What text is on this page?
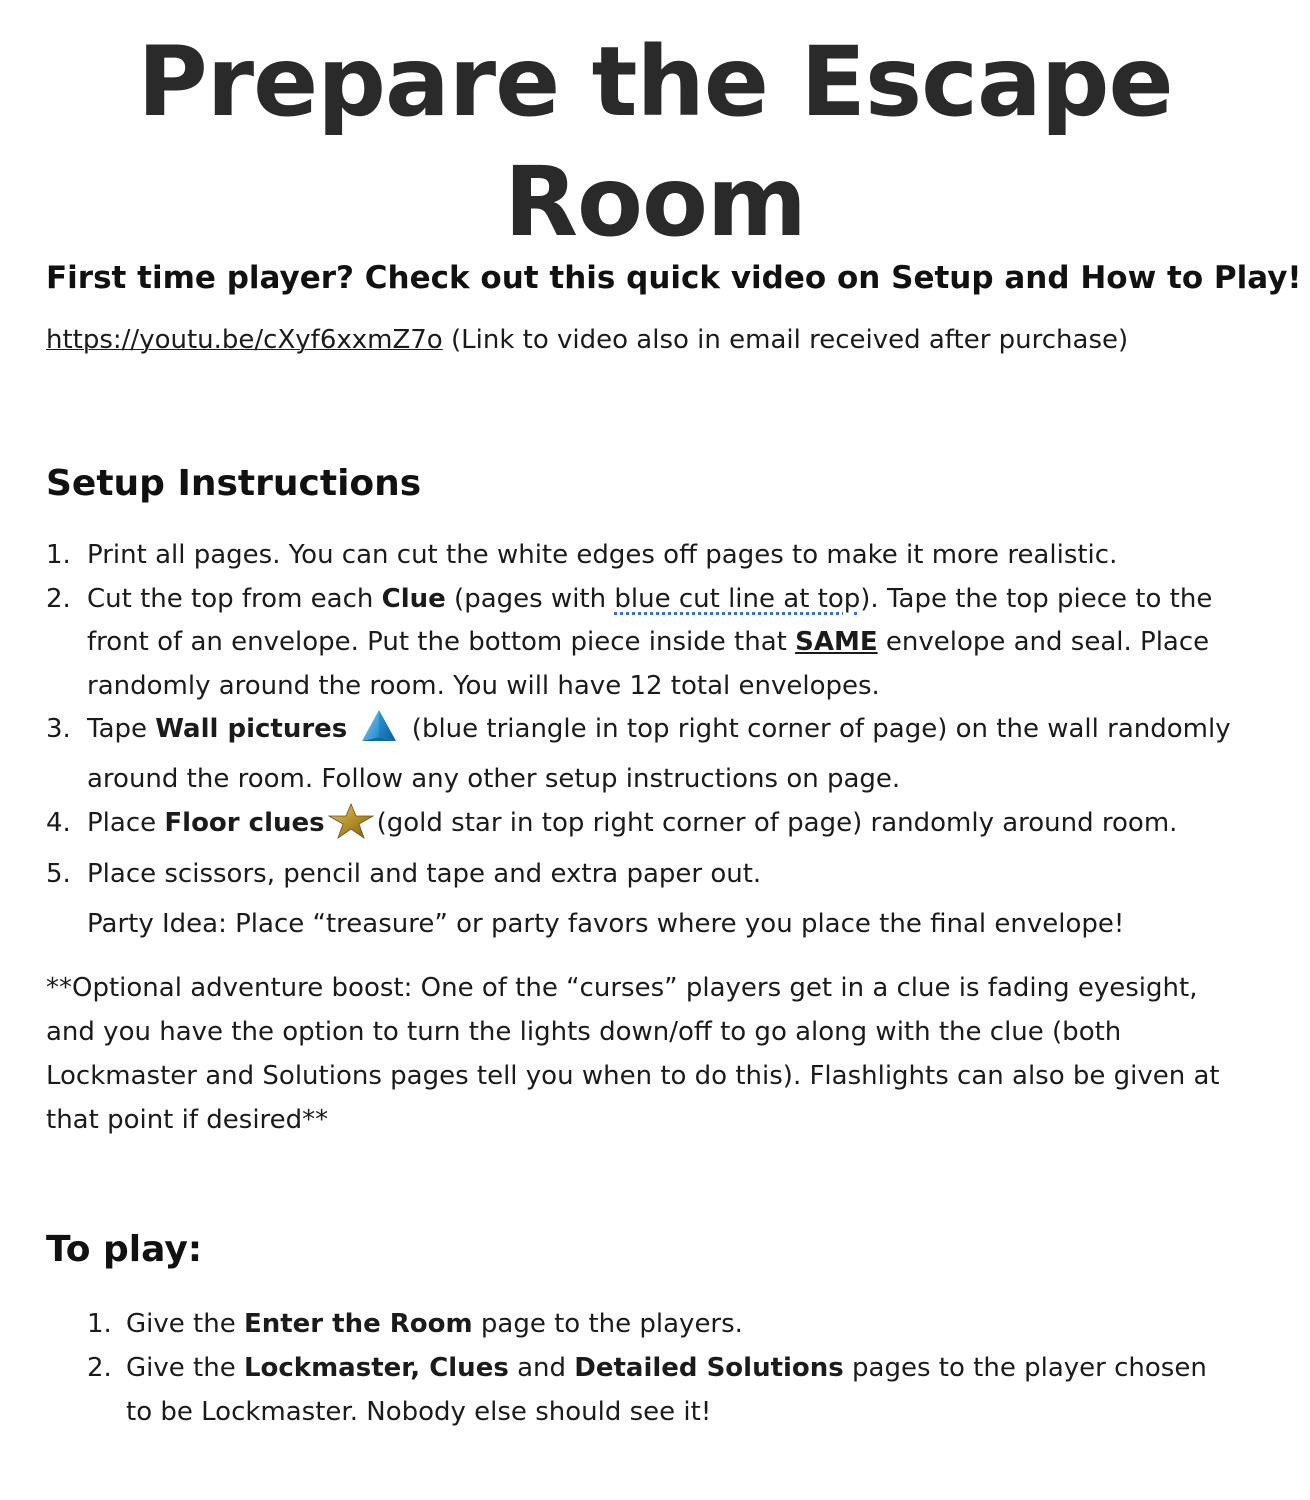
Prepare the Escape Room
First time player? Check out this quick video on Setup and How to Play!

https://youtu.be/cXyf6xxmZ7o (Link to video also in email received after purchase)

Setup Instructions
1. Print all pages. You can cut the white edges off pages to make it more realistic.
2. Cut the top from each Clue (pages with blue cut line at top). Tape the top piece to the front of an envelope. Put the bottom piece inside that SAME envelope and seal. Place randomly around the room. You will have 12 total envelopes.
3. Tape Wall pictures  (blue triangle in top right corner of page) on the wall randomly around the room. Follow any other setup instructions on page.
4. Place Floor clues (gold star in top right corner of page) randomly around room.
5. Place scissors, pencil and tape and extra paper out.

Party Idea: Place “treasure” or party favors where you place the final envelope!

**Optional adventure boost: One of the “curses” players get in a clue is fading eyesight, and you have the option to turn the lights down/off to go along with the clue (both Lockmaster and Solutions pages tell you when to do this). Flashlights can also be given at that point if desired**

To play:
1. Give the Enter the Room page to the players.
2. Give the Lockmaster, Clues and Detailed Solutions pages to the player chosen to be Lockmaster. Nobody else should see it!
